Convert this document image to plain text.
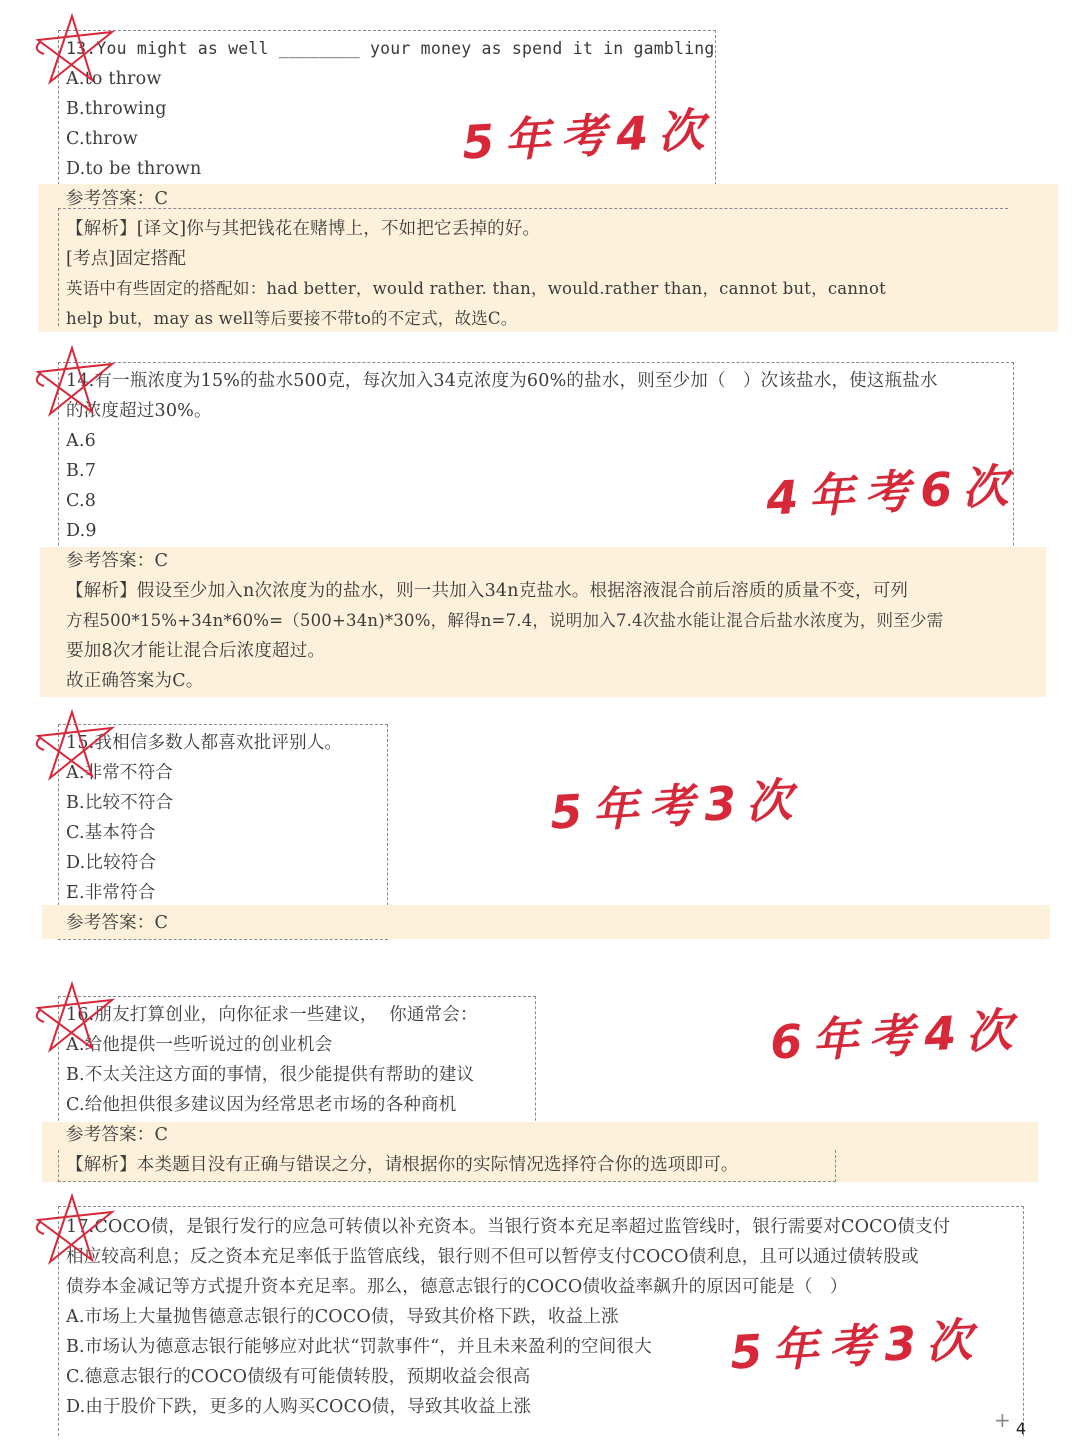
13.You might as well ________ your money as spend it in gambling
A.to throw
B.throwing
C.throw
D.to be thrown
参考答案：C
【解析】[译文]你与其把钱花在赌博上，不如把它丢掉的好。
[考点]固定搭配
英语中有些固定的搭配如：had better，would rather. than，would.rather than，cannot but，cannot
help but，may as well等后要接不带to的不定式，故选C。
5年考4次
14.有一瓶浓度为15%的盐水500克，每次加入34克浓度为60%的盐水，则至少加（   ）次该盐水，使这瓶盐水
的浓度超过30%。
A.6
B.7
C.8
D.9
参考答案：C
【解析】假设至少加入n次浓度为的盐水，则一共加入34n克盐水。根据溶液混合前后溶质的质量不变，可列
方程500*15%+34n*60%=（500+34n)*30%，解得n=7.4，说明加入7.4次盐水能让混合后盐水浓度为，则至少需
要加8次才能让混合后浓度超过。
故正确答案为C。
4年考6次
15.我相信多数人都喜欢批评别人。
A.非常不符合
B.比较不符合
C.基本符合
D.比较符合
E.非常符合
参考答案：C
5年考3次
16.朋友打算创业，向你征求一些建议，  你通常会：
A.给他提供一些听说过的创业机会
B.不太关注这方面的事情，很少能提供有帮助的建议
C.给他担供很多建议因为经常思老市场的各种商机
参考答案：C
【解析】本类题目没有正确与错误之分，请根据你的实际情况选择符合你的选项即可。
6年考4次
17.COCO债，是银行发行的应急可转债以补充资本。当银行资本充足率超过监管线时，银行需要对COCO债支付
相应较高利息；反之资本充足率低于监管底线，银行则不但可以暂停支付COCO债利息，且可以通过债转股或
债券本金减记等方式提升资本充足率。那么，德意志银行的COCO债收益率飙升的原因可能是（   ）
A.市场上大量抛售德意志银行的COCO债，导致其价格下跌，收益上涨
B.市场认为德意志银行能够应对此状“罚款事件“，并且未来盈利的空间很大
C.德意志银行的COCO债级有可能债转股，预期收益会很高
D.由于股价下跌，更多的人购买COCO债，导致其收益上涨
5年考3次
+ 4
